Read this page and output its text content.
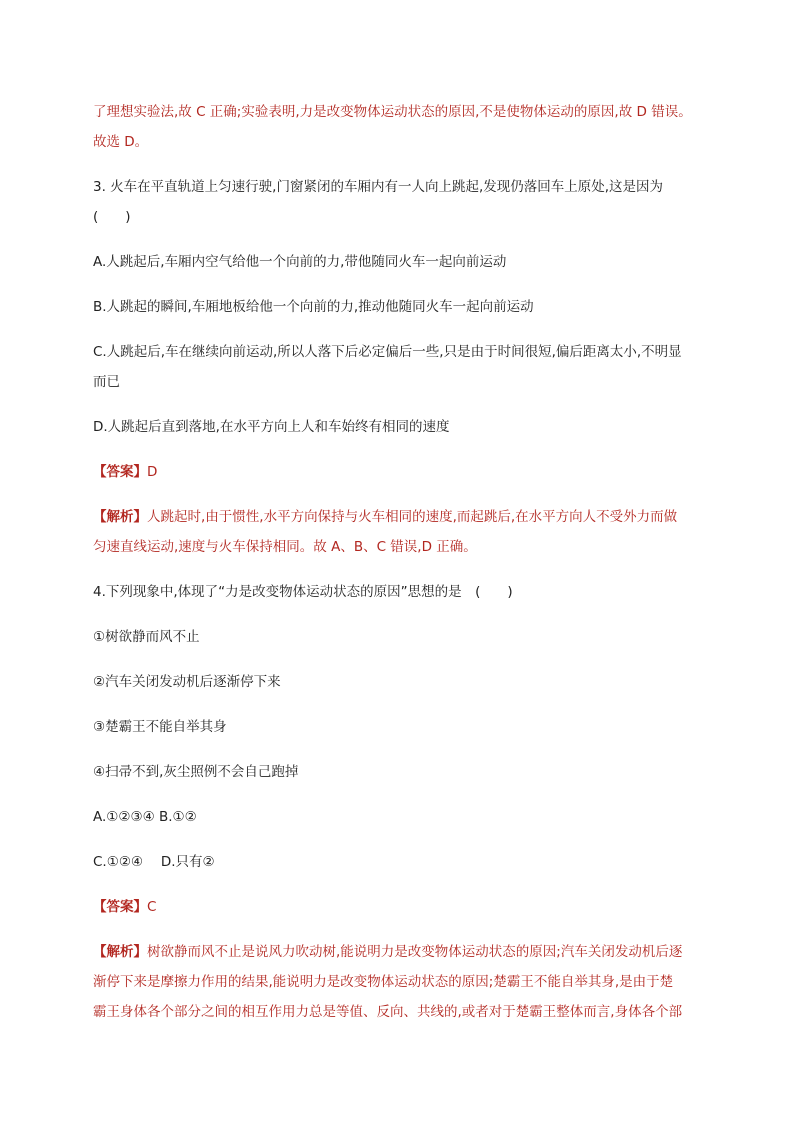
了理想实验法,故 C 正确;实验表明,力是改变物体运动状态的原因,不是使物体运动的原因,故 D 错误。
故选 D。
3. 火车在平直轨道上匀速行驶,门窗紧闭的车厢内有一人向上跳起,发现仍落回车上原处,这是因为
(　　)
A.人跳起后,车厢内空气给他一个向前的力,带他随同火车一起向前运动
B.人跳起的瞬间,车厢地板给他一个向前的力,推动他随同火车一起向前运动
C.人跳起后,车在继续向前运动,所以人落下后必定偏后一些,只是由于时间很短,偏后距离太小,不明显
而已
D.人跳起后直到落地,在水平方向上人和车始终有相同的速度
【答案】D
【解析】人跳起时,由于惯性,水平方向保持与火车相同的速度,而起跳后,在水平方向人不受外力而做
匀速直线运动,速度与火车保持相同。故 A、B、C 错误,D 正确。
4.下列现象中,体现了“力是改变物体运动状态的原因”思想的是　(　　)
①树欲静而风不止
②汽车关闭发动机后逐渐停下来
③楚霸王不能自举其身
④扫帚不到,灰尘照例不会自己跑掉
A.①②③④ B.①②
C.①②④　 D.只有②
【答案】C
【解析】树欲静而风不止是说风力吹动树,能说明力是改变物体运动状态的原因;汽车关闭发动机后逐
渐停下来是摩擦力作用的结果,能说明力是改变物体运动状态的原因;楚霸王不能自举其身,是由于楚
霸王身体各个部分之间的相互作用力总是等值、反向、共线的,或者对于楚霸王整体而言,身体各个部
